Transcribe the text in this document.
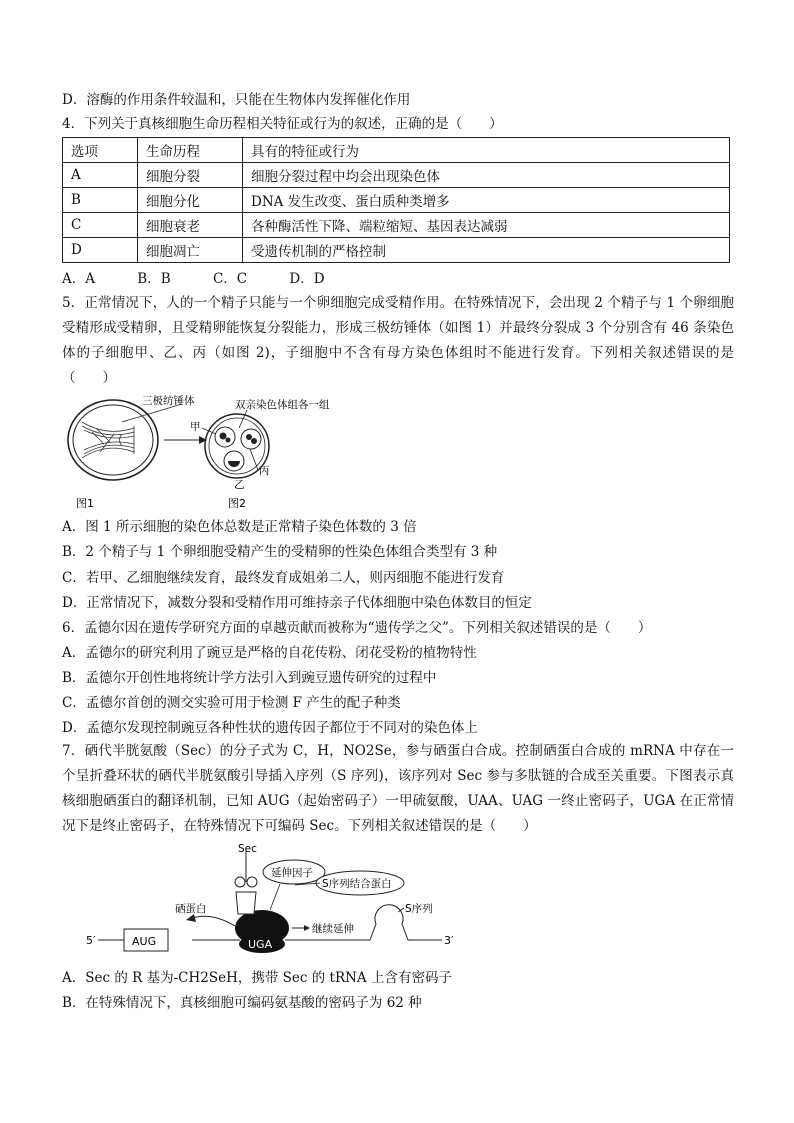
D．溶酶的作用条件较温和，只能在生物体内发挥催化作用
4．下列关于真核细胞生命历程相关特征或行为的叙述，正确的是（　　）
选项	生命历程	具有的特征或行为
A	细胞分裂	细胞分裂过程中均会出现染色体
B	细胞分化	DNA 发生改变、蛋白质种类增多
C	细胞衰老	各种酶活性下降、端粒缩短、基因表达减弱
D	细胞凋亡	受遗传机制的严格控制
A．A	B．B	C．C	D．D
5．正常情况下，人的一个精子只能与一个卵细胞完成受精作用。在特殊情况下，会出现 2 个精子与 1 个卵细胞受精形成受精卵，且受精卵能恢复分裂能力，形成三极纺锤体（如图 1）并最终分裂成 3 个分别含有 46 条染色体的子细胞甲、乙、丙（如图 2)，子细胞中不含有母方染色体组时不能进行发育。下列相关叙述错误的是（　　）
三极纺锤体	双亲染色体组各一组
甲
丙
乙
图1	图2
A．图 1 所示细胞的染色体总数是正常精子染色体数的 3 倍
B．2 个精子与 1 个卵细胞受精产生的受精卵的性染色体组合类型有 3 种
C．若甲、乙细胞继续发育，最终发育成姐弟二人，则丙细胞不能进行发育
D．正常情况下，减数分裂和受精作用可维持亲子代体细胞中染色体数目的恒定
6．孟德尔因在遗传学研究方面的卓越贡献而被称为“遗传学之父”。下列相关叙述错误的是（　　）
A．孟德尔的研究利用了豌豆是严格的自花传粉、闭花受粉的植物特性
B．孟德尔开创性地将统计学方法引入到豌豆遗传研究的过程中
C．孟德尔首创的测交实验可用于检测 F 产生的配子种类
D．孟德尔发现控制豌豆各种性状的遗传因子都位于不同对的染色体上
7．硒代半胱氨酸（Sec）的分子式为 C，H，NO2Se，参与硒蛋白合成。控制硒蛋白合成的 mRNA 中存在一个呈折叠环状的硒代半胱氨酸引导插入序列（S 序列)，该序列对 Sec 参与多肽链的合成至关重要。下图表示真核细胞硒蛋白的翻译机制，已知 AUG（起始密码子）一甲硫氨酸，UAA、UAG 一终止密码子，UGA 在正常情况下是终止密码子，在特殊情况下可编码 Sec。下列相关叙述错误的是（　　）
5′	3′
AUG	UGA
Sec
延伸因子
S序列结合蛋白
S序列
硒蛋白
继续延伸
A．Sec 的 R 基为-CH2SeH，携带 Sec 的 tRNA 上含有密码子
B．在特殊情况下，真核细胞可编码氨基酸的密码子为 62 种
